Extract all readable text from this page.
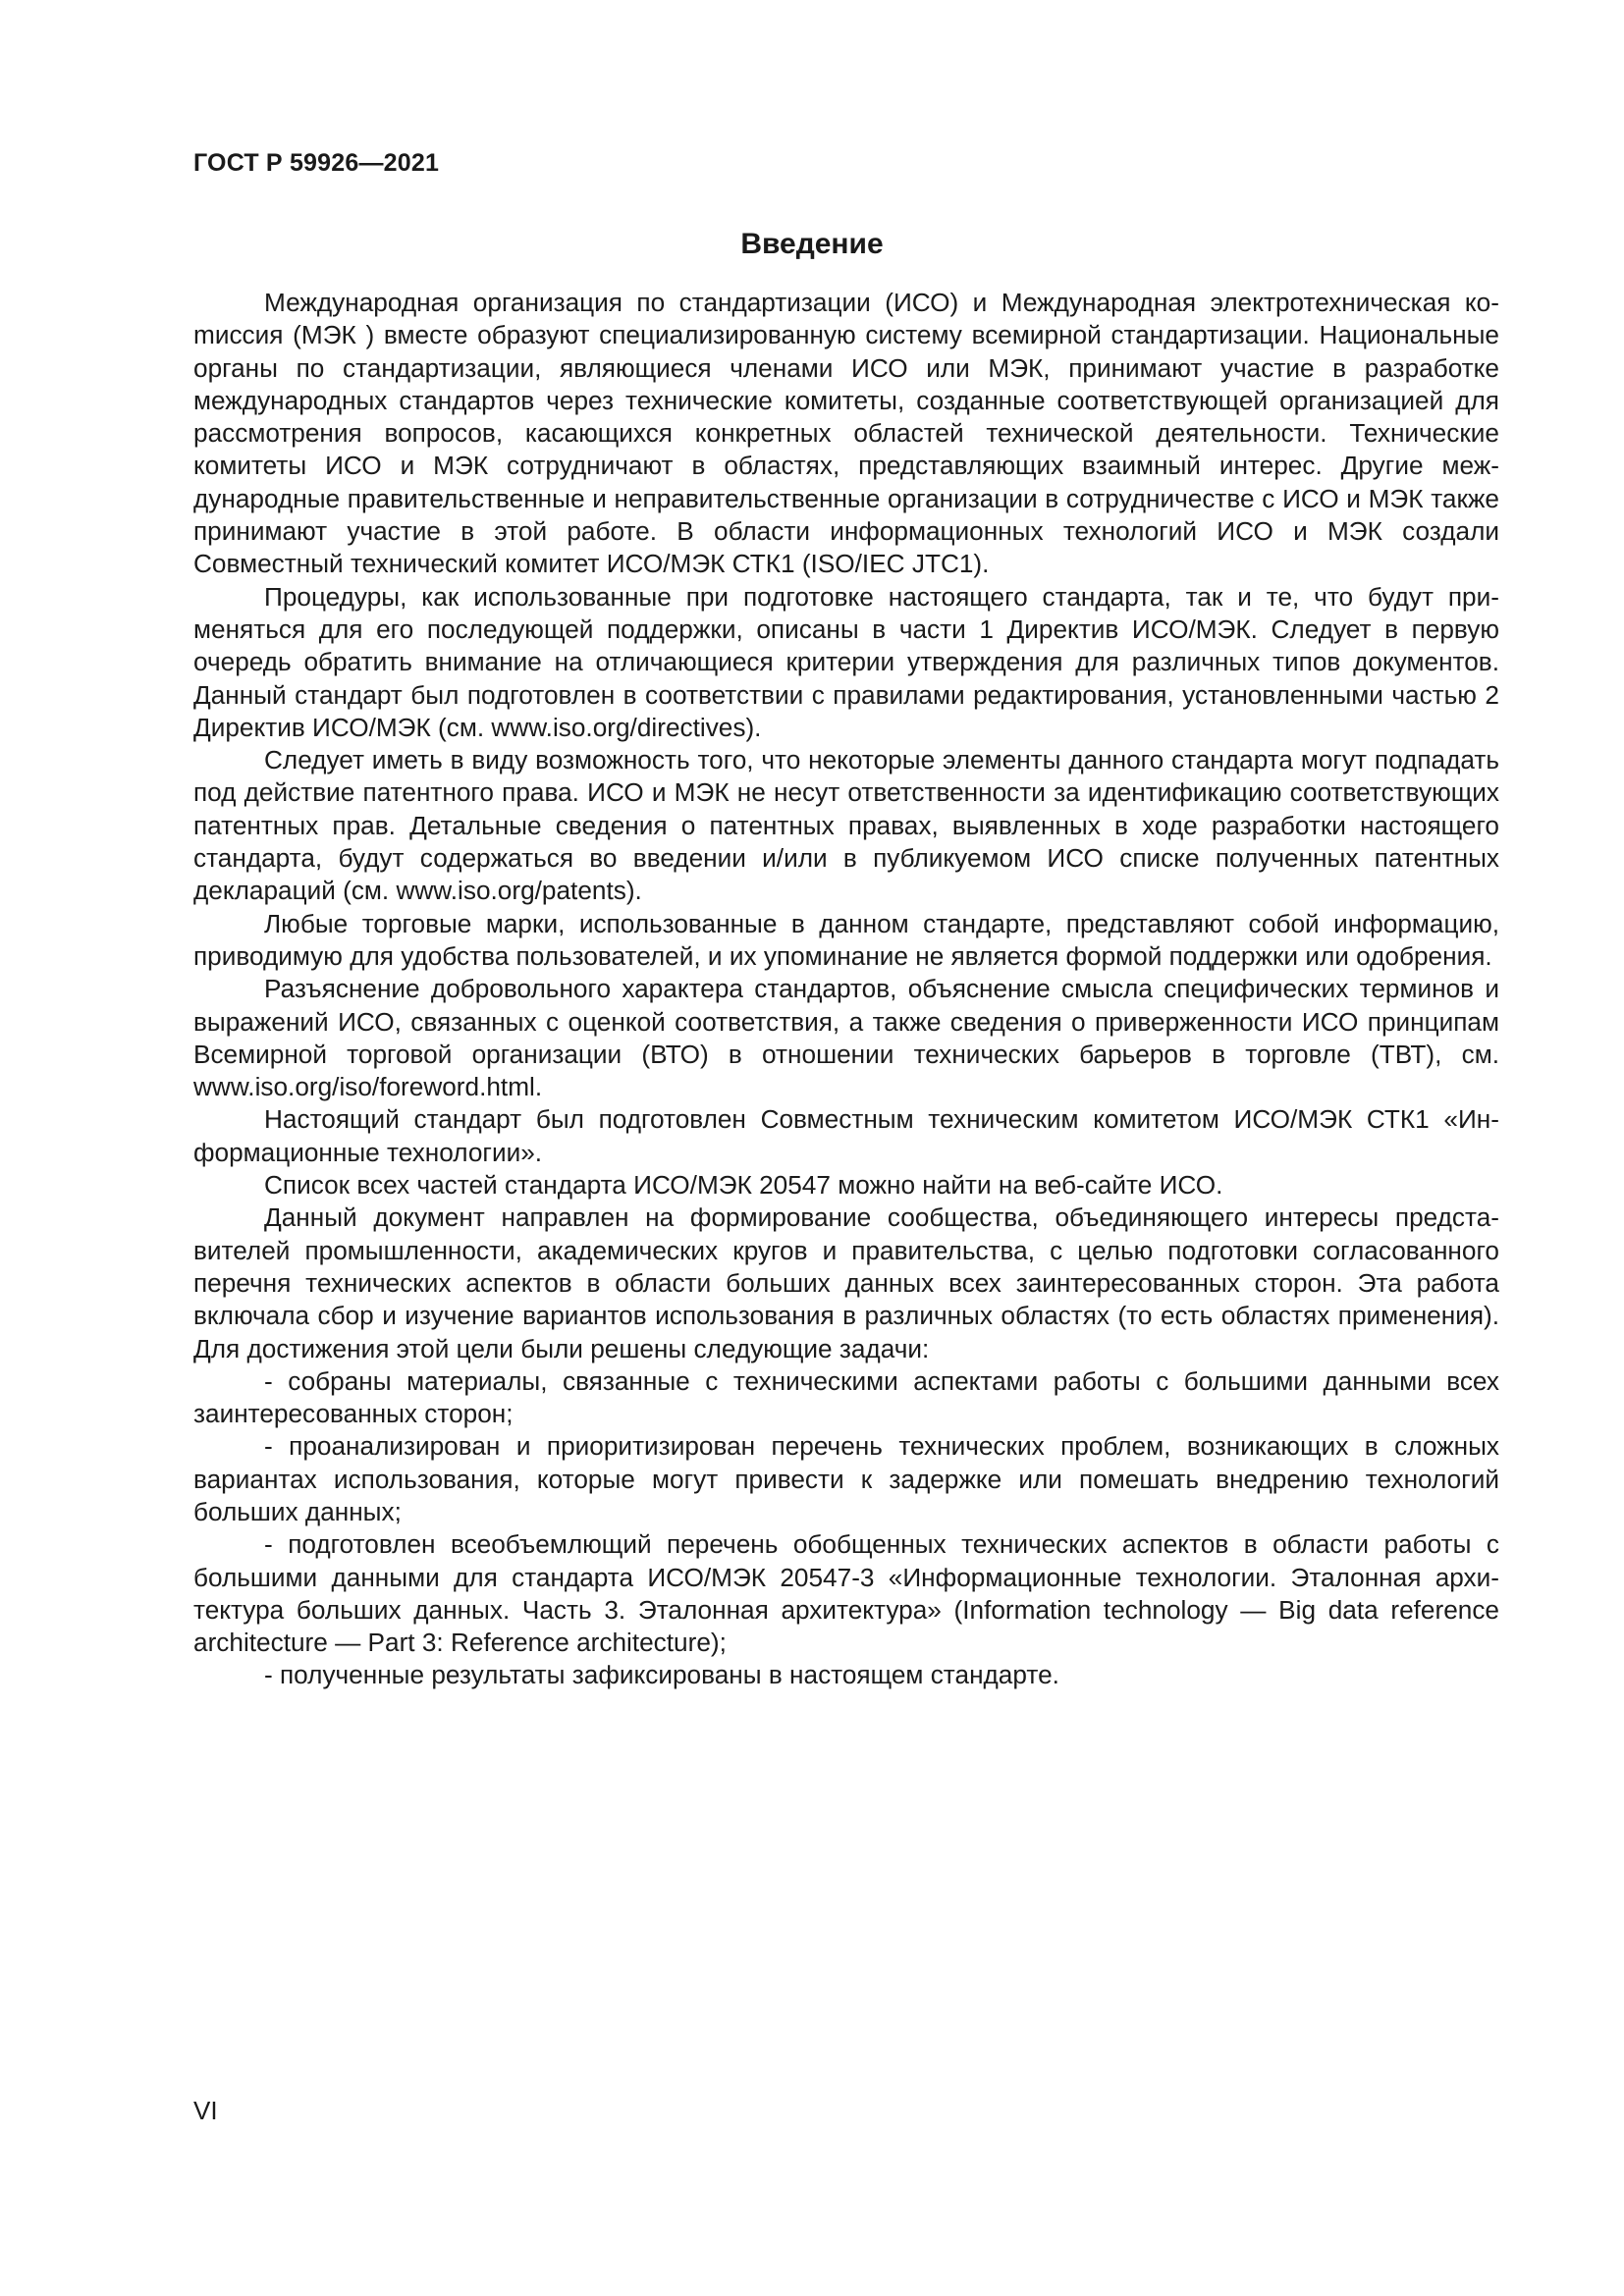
ГОСТ Р 59926—2021
Введение

Международная организация по стандартизации (ИСО) и Международная электротехническая коmиссия (МЭК ) вместе образуют специализированную систему всемирной стандартизации. Национальные органы по стандартизации, являющиеся членами ИСО или МЭК, принимают участие в разработке международных стандартов через технические комитеты, созданные соответствующей организацией для рассмотрения вопросов, касающихся конкретных областей технической деятельности. Технические комитеты ИСО и МЭК сотрудничают в областях, представляющих взаимный интерес. Другие международные правительственные и неправительственные организации в сотрудничестве с ИСО и МЭК также принимают участие в этой работе. В области информационных технологий ИСО и МЭК создали Совместный технический комитет ИСО/МЭК СТК1 (ISO/IEC JTC1).

Процедуры, как использованные при подготовке настоящего стандарта, так и те, что будут применяться для его последующей поддержки, описаны в части 1 Директив ИСО/МЭК. Следует в первую очередь обратить внимание на отличающиеся критерии утверждения для различных типов документов. Данный стандарт был подготовлен в соответствии с правилами редактирования, установленными частью 2 Директив ИСО/МЭК (см. www.iso.org/directives).

Следует иметь в виду возможность того, что некоторые элементы данного стандарта могут подпадать под действие патентного права. ИСО и МЭК не несут ответственности за идентификацию соответствующих патентных прав. Детальные сведения о патентных правах, выявленных в ходе разработки настоящего стандарта, будут содержаться во введении и/или в публикуемом ИСО списке полученных патентных деклараций (см. www.iso.org/patents).

Любые торговые марки, использованные в данном стандарте, представляют собой информацию, приводимую для удобства пользователей, и их упоминание не является формой поддержки или одобрения.

Разъяснение добровольного характера стандартов, объяснение смысла специфических терминов и выражений ИСО, связанных с оценкой соответствия, а также сведения о приверженности ИСО принципам Всемирной торговой организации (ВТО) в отношении технических барьеров в торговле (ТВТ), см. www.iso.org/iso/foreword.html.

Настоящий стандарт был подготовлен Совместным техническим комитетом ИСО/МЭК СТК1 «Информационные технологии».

Список всех частей стандарта ИСО/МЭК 20547 можно найти на веб-сайте ИСО.

Данный документ направлен на формирование сообщества, объединяющего интересы представителей промышленности, академических кругов и правительства, с целью подготовки согласованного перечня технических аспектов в области больших данных всех заинтересованных сторон. Эта работа включала сбор и изучение вариантов использования в различных областях (то есть областях применения). Для достижения этой цели были решены следующие задачи:

- собраны материалы, связанные с техническими аспектами работы с большими данными всех заинтересованных сторон;

- проанализирован и приоритизирован перечень технических проблем, возникающих в сложных вариантах использования, которые могут привести к задержке или помешать внедрению технологий больших данных;

- подготовлен всеобъемлющий перечень обобщенных технических аспектов в области работы с большими данными для стандарта ИСО/МЭК 20547-3 «Информационные технологии. Эталонная архитектура больших данных. Часть 3. Эталонная архитектура» (Information technology — Big data reference architecture — Part 3: Reference architecture);

- полученные результаты зафиксированы в настоящем стандарте.

VI
